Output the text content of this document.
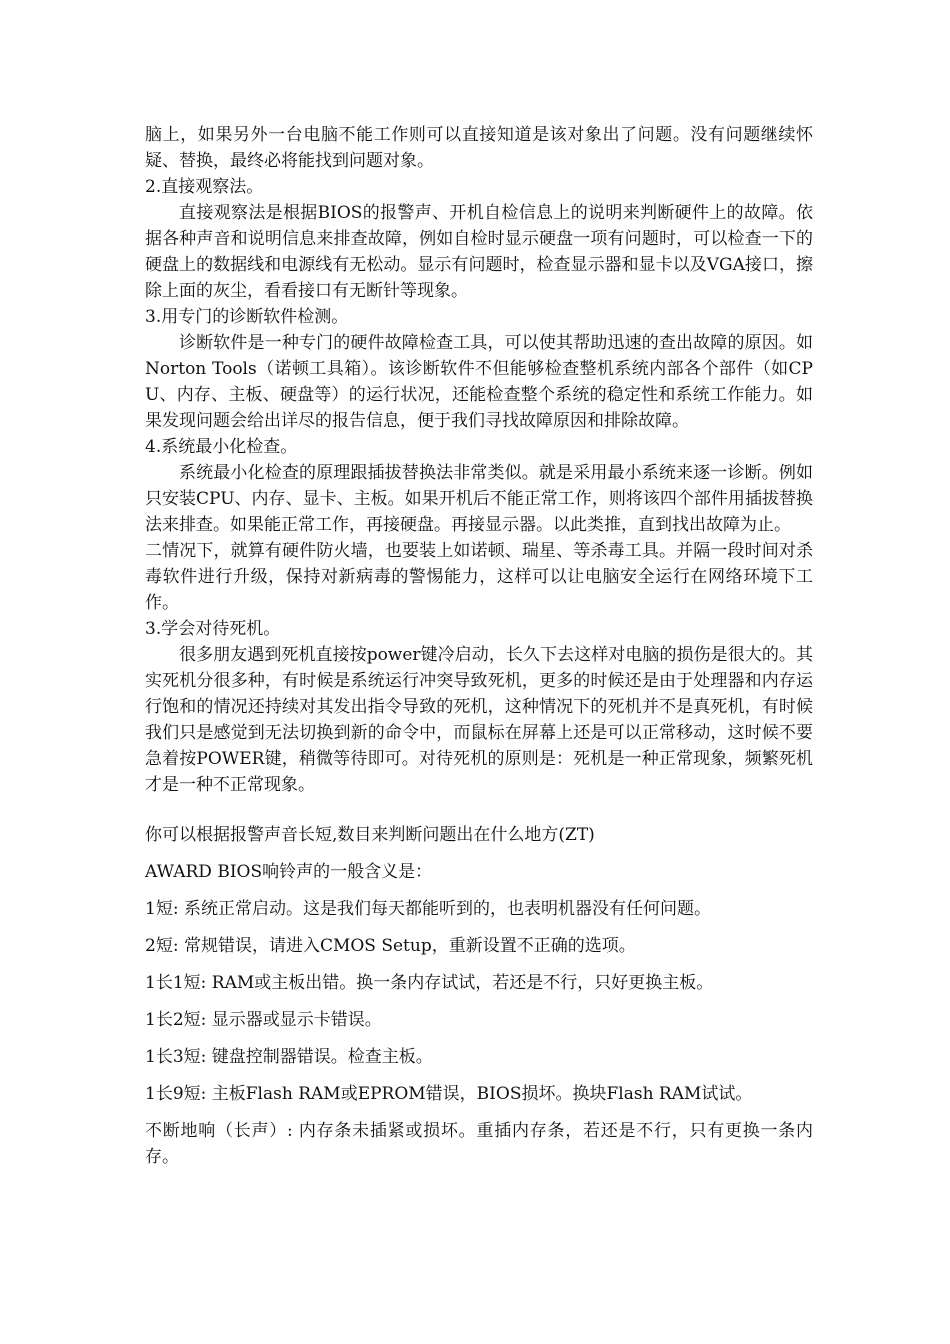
脑上，如果另外一台电脑不能工作则可以直接知道是该对象出了问题。没有问题继续怀疑、替换，最终必将能找到问题对象。

2.直接观察法。

直接观察法是根据BIOS的报警声、开机自检信息上的说明来判断硬件上的故障。依据各种声音和说明信息来排查故障，例如自检时显示硬盘一项有问题时，可以检查一下的硬盘上的数据线和电源线有无松动。显示有问题时，检查显示器和显卡以及VGA接口，擦除上面的灰尘，看看接口有无断针等现象。

3.用专门的诊断软件检测。

诊断软件是一种专门的硬件故障检查工具，可以使其帮助迅速的查出故障的原因。如Norton Tools（诺顿工具箱）。该诊断软件不但能够检查整机系统内部各个部件（如CPU、内存、主板、硬盘等）的运行状况，还能检查整个系统的稳定性和系统工作能力。如果发现问题会给出详尽的报告信息，便于我们寻找故障原因和排除故障。

4.系统最小化检查。

系统最小化检查的原理跟插拔替换法非常类似。就是采用最小系统来逐一诊断。例如只安装CPU、内存、显卡、主板。如果开机后不能正常工作，则将该四个部件用插拔替换法来排查。如果能正常工作，再接硬盘。再接显示器。以此类推，直到找出故障为止。

二情况下，就算有硬件防火墙，也要装上如诺顿、瑞星、等杀毒工具。并隔一段时间对杀毒软件进行升级，保持对新病毒的警惕能力，这样可以让电脑安全运行在网络环境下工作。

3.学会对待死机。

很多朋友遇到死机直接按power键冷启动，长久下去这样对电脑的损伤是很大的。其实死机分很多种，有时候是系统运行冲突导致死机，更多的时候还是由于处理器和内存运行饱和的情况还持续对其发出指令导致的死机，这种情况下的死机并不是真死机，有时候我们只是感觉到无法切换到新的命令中，而鼠标在屏幕上还是可以正常移动，这时候不要急着按POWER键，稍微等待即可。对待死机的原则是：死机是一种正常现象，频繁死机才是一种不正常现象。

你可以根据报警声音长短,数目来判断问题出在什么地方(ZT)

AWARD BIOS响铃声的一般含义是：

1短: 系统正常启动。这是我们每天都能听到的，也表明机器没有任何问题。

2短: 常规错误，请进入CMOS Setup，重新设置不正确的选项。

1长1短: RAM或主板出错。换一条内存试试，若还是不行，只好更换主板。

1长2短: 显示器或显示卡错误。

1长3短: 键盘控制器错误。检查主板。

1长9短: 主板Flash RAM或EPROM错误，BIOS损坏。换块Flash RAM试试。

不断地响（长声）: 内存条未插紧或损坏。重插内存条，若还是不行，只有更换一条内存。
